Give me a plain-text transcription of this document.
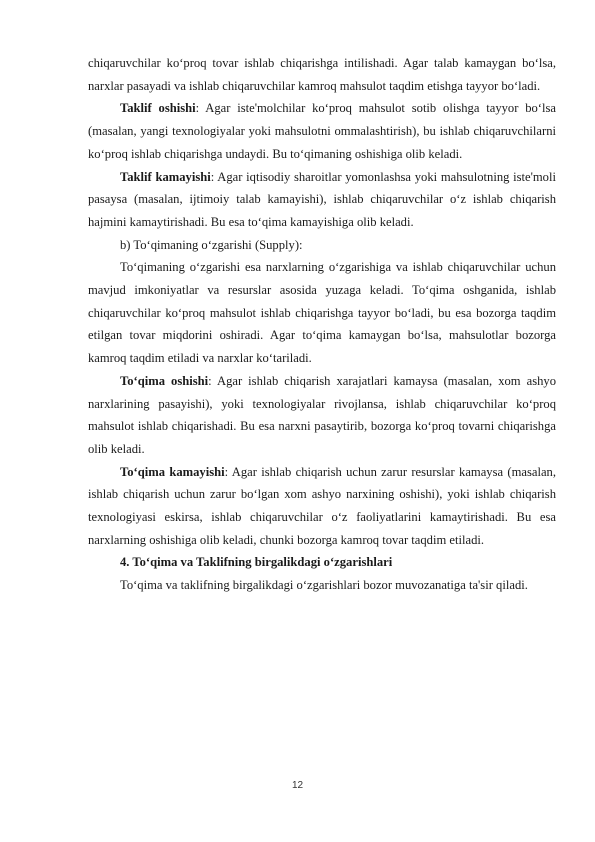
chiqaruvchilar ko‘proq tovar ishlab chiqarishga intilishadi. Agar talab kamaygan bo‘lsa, narxlar pasayadi va ishlab chiqaruvchilar kamroq mahsulot taqdim etishga tayyor bo‘ladi.

Taklif oshishi: Agar iste'molchilar ko‘proq mahsulot sotib olishga tayyor bo‘lsa (masalan, yangi texnologiyalar yoki mahsulotni ommalashtirish), bu ishlab chiqaruvchilarni ko‘proq ishlab chiqarishga undaydi. Bu to‘qimaning oshishiga olib keladi.

Taklif kamayishi: Agar iqtisodiy sharoitlar yomonlashsa yoki mahsulotning iste'moli pasaysa (masalan, ijtimoiy talab kamayishi), ishlab chiqaruvchilar o‘z ishlab chiqarish hajmini kamaytirishadi. Bu esa to‘qima kamayishiga olib keladi.

b) To‘qimaning o‘zgarishi (Supply):

To‘qimaning o‘zgarishi esa narxlarning o‘zgarishiga va ishlab chiqaruvchilar uchun mavjud imkoniyatlar va resurslar asosida yuzaga keladi. To‘qima oshganida, ishlab chiqaruvchilar ko‘proq mahsulot ishlab chiqarishga tayyor bo‘ladi, bu esa bozorga taqdim etilgan tovar miqdorini oshiradi. Agar to‘qima kamaygan bo‘lsa, mahsulotlar bozorga kamroq taqdim etiladi va narxlar ko‘tariladi.

To‘qima oshishi: Agar ishlab chiqarish xarajatlari kamaysa (masalan, xom ashyo narxlarining pasayishi), yoki texnologiyalar rivojlansa, ishlab chiqaruvchilar ko‘proq mahsulot ishlab chiqarishadi. Bu esa narxni pasaytirib, bozorga ko‘proq tovarni chiqarishga olib keladi.

To‘qima kamayishi: Agar ishlab chiqarish uchun zarur resurslar kamaysa (masalan, ishlab chiqarish uchun zarur bo‘lgan xom ashyo narxining oshishi), yoki ishlab chiqarish texnologiyasi eskirsa, ishlab chiqaruvchilar o‘z faoliyatlarini kamaytirishadi. Bu esa narxlarning oshishiga olib keladi, chunki bozorga kamroq tovar taqdim etiladi.

4. To‘qima va Taklifning birgalikdagi o‘zgarishlari

To‘qima va taklifning birgalikdagi o‘zgarishlari bozor muvozanatiga ta'sir qiladi.

12
